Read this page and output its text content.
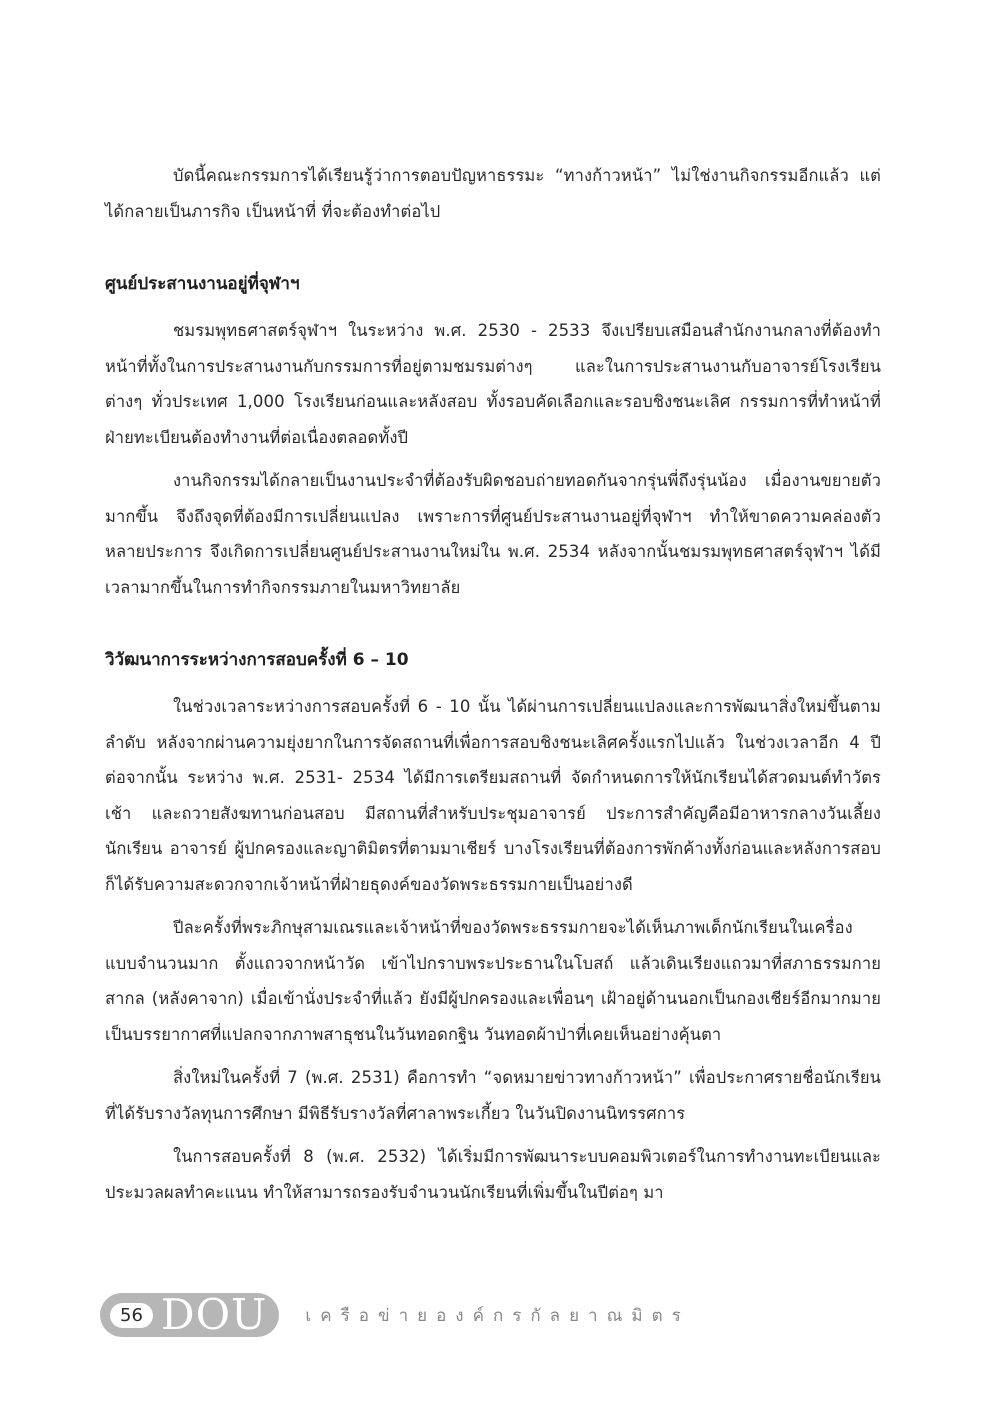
บัดนี้คณะกรรมการได้เรียนรู้ว่าการตอบปัญหาธรรมะ “ทางก้าวหน้า” ไม่ใช่งานกิจกรรมอีกแล้ว แต่ได้กลายเป็นภารกิจ เป็นหน้าที่ ที่จะต้องทำต่อไป

ศูนย์ประสานงานอยู่ที่จุฬาฯ

ชมรมพุทธศาสตร์จุฬาฯ ในระหว่าง พ.ศ. 2530 - 2533 จึงเปรียบเสมือนสำนักงานกลางที่ต้องทำหน้าที่ทั้งในการประสานงานกับกรรมการที่อยู่ตามชมรมต่างๆ และในการประสานงานกับอาจารย์โรงเรียนต่างๆ ทั่วประเทศ 1,000 โรงเรียนก่อนและหลังสอบ ทั้งรอบคัดเลือกและรอบชิงชนะเลิศ กรรมการที่ทำหน้าที่ฝ่ายทะเบียนต้องทำงานที่ต่อเนื่องตลอดทั้งปี

งานกิจกรรมได้กลายเป็นงานประจำที่ต้องรับผิดชอบถ่ายทอดกันจากรุ่นพี่ถึงรุ่นน้อง เมื่องานขยายตัวมากขึ้น จึงถึงจุดที่ต้องมีการเปลี่ยนแปลง เพราะการที่ศูนย์ประสานงานอยู่ที่จุฬาฯ ทำให้ขาดความคล่องตัวหลายประการ จึงเกิดการเปลี่ยนศูนย์ประสานงานใหม่ใน พ.ศ. 2534 หลังจากนั้นชมรมพุทธศาสตร์จุฬาฯ ได้มีเวลามากขึ้นในการทำกิจกรรมภายในมหาวิทยาลัย

วิวัฒนาการระหว่างการสอบครั้งที่ 6 – 10

ในช่วงเวลาระหว่างการสอบครั้งที่ 6 - 10 นั้น ได้ผ่านการเปลี่ยนแปลงและการพัฒนาสิ่งใหม่ขึ้นตามลำดับ หลังจากผ่านความยุ่งยากในการจัดสถานที่เพื่อการสอบชิงชนะเลิศครั้งแรกไปแล้ว ในช่วงเวลาอีก 4 ปี ต่อจากนั้น ระหว่าง พ.ศ. 2531- 2534 ได้มีการเตรียมสถานที่ จัดกำหนดการให้นักเรียนได้สวดมนต์ทำวัตรเช้า และถวายสังฆทานก่อนสอบ มีสถานที่สำหรับประชุมอาจารย์ ประการสำคัญคือมีอาหารกลางวันเลี้ยงนักเรียน อาจารย์ ผู้ปกครองและญาติมิตรที่ตามมาเชียร์ บางโรงเรียนที่ต้องการพักค้างทั้งก่อนและหลังการสอบก็ได้รับความสะดวกจากเจ้าหน้าที่ฝ่ายธุดงค์ของวัดพระธรรมกายเป็นอย่างดี

ปีละครั้งที่พระภิกษุสามเณรและเจ้าหน้าที่ของวัดพระธรรมกายจะได้เห็นภาพเด็กนักเรียนในเครื่องแบบจำนวนมาก ตั้งแถวจากหน้าวัด เข้าไปกราบพระประธานในโบสถ์ แล้วเดินเรียงแถวมาที่สภาธรรมกายสากล (หลังคาจาก) เมื่อเข้านั่งประจำที่แล้ว ยังมีผู้ปกครองและเพื่อนๆ เฝ้าอยู่ด้านนอกเป็นกองเชียร์อีกมากมาย เป็นบรรยากาศที่แปลกจากภาพสาธุชนในวันทอดกฐิน วันทอดผ้าป่าที่เคยเห็นอย่างคุ้นตา

สิ่งใหม่ในครั้งที่ 7 (พ.ศ. 2531) คือการทำ “จดหมายข่าวทางก้าวหน้า” เพื่อประกาศรายชื่อนักเรียนที่ได้รับรางวัลทุนการศึกษา มีพิธีรับรางวัลที่ศาลาพระเกี้ยว ในวันปิดงานนิทรรศการ

ในการสอบครั้งที่ 8 (พ.ศ. 2532) ได้เริ่มมีการพัฒนาระบบคอมพิวเตอร์ในการทำงานทะเบียนและประมวลผลทำคะแนน ทำให้สามารถรองรับจำนวนนักเรียนที่เพิ่มขึ้นในปีต่อๆ มา

56 DOU เครือข่ายองค์กรกัลยาณมิตร
